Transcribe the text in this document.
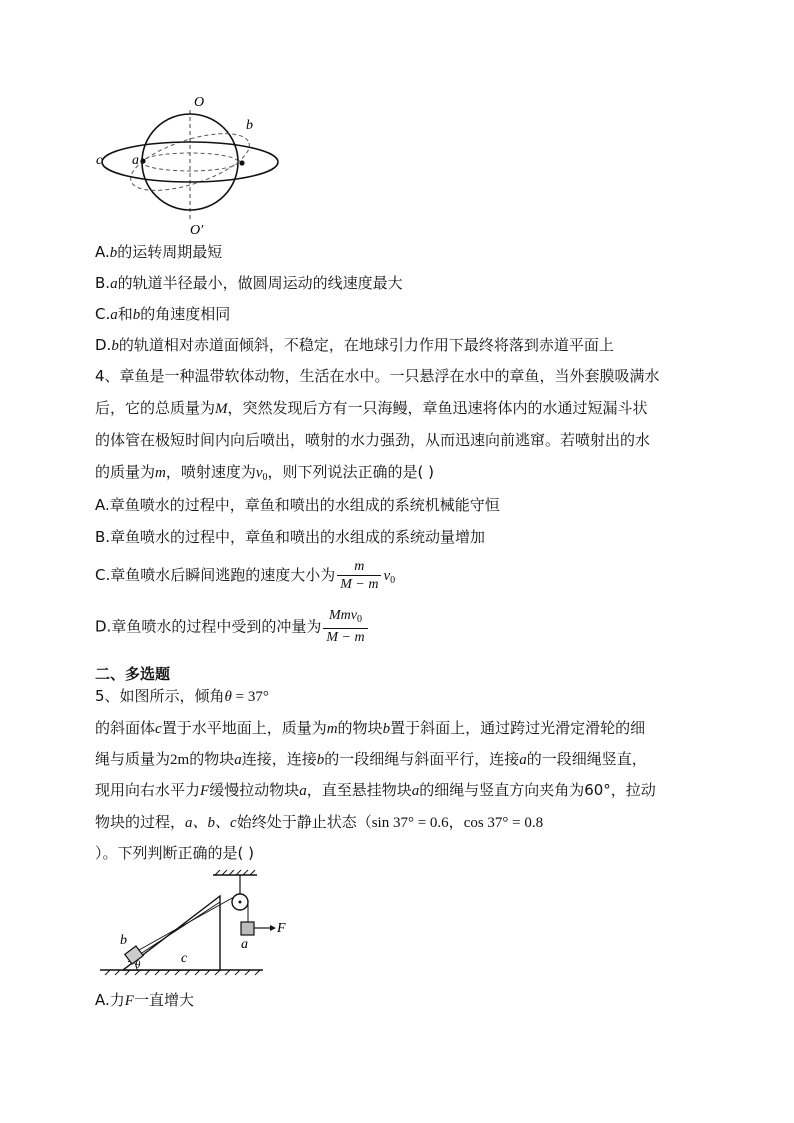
O
O′
a
b
c
A.b的运转周期最短
B.a的轨道半径最小，做圆周运动的线速度最大
C.a和b的角速度相同
D.b的轨道相对赤道面倾斜，不稳定，在地球引力作用下最终将落到赤道平面上
4、章鱼是一种温带软体动物，生活在水中。一只悬浮在水中的章鱼，当外套膜吸满水
后，它的总质量为M，突然发现后方有一只海鳗，章鱼迅速将体内的水通过短漏斗状
的体管在极短时间内向后喷出，喷射的水力强劲，从而迅速向前逃窜。若喷射出的水
的质量为m，喷射速度为$v_0$，则下列说法正确的是( )
A.章鱼喷水的过程中，章鱼和喷出的水组成的系统机械能守恒
B.章鱼喷水的过程中，章鱼和喷出的水组成的系统动量增加
C.章鱼喷水后瞬间逃跑的速度大小为 $\frac{m}{M - m} v_0$
D.章鱼喷水的过程中受到的冲量为 $\frac{Mmv_0}{M - m}$
二、多选题
5、如图所示，倾角θ = 37°
的斜面体c置于水平地面上，质量为m的物块b置于斜面上，通过跨过光滑定滑轮的细
绳与质量为2m的物块a连接，连接b的一段细绳与斜面平行，连接a的一段细绳竖直，
现用向右水平力F缓慢拉动物块a，直至悬挂物块a的细绳与竖直方向夹角为60°，拉动
物块的过程，a、b、c始终处于静止状态（sin 37° = 0.6，cos 37° = 0.8
）。下列判断正确的是( )
b
c
θ
a
F
A.力F一直增大
